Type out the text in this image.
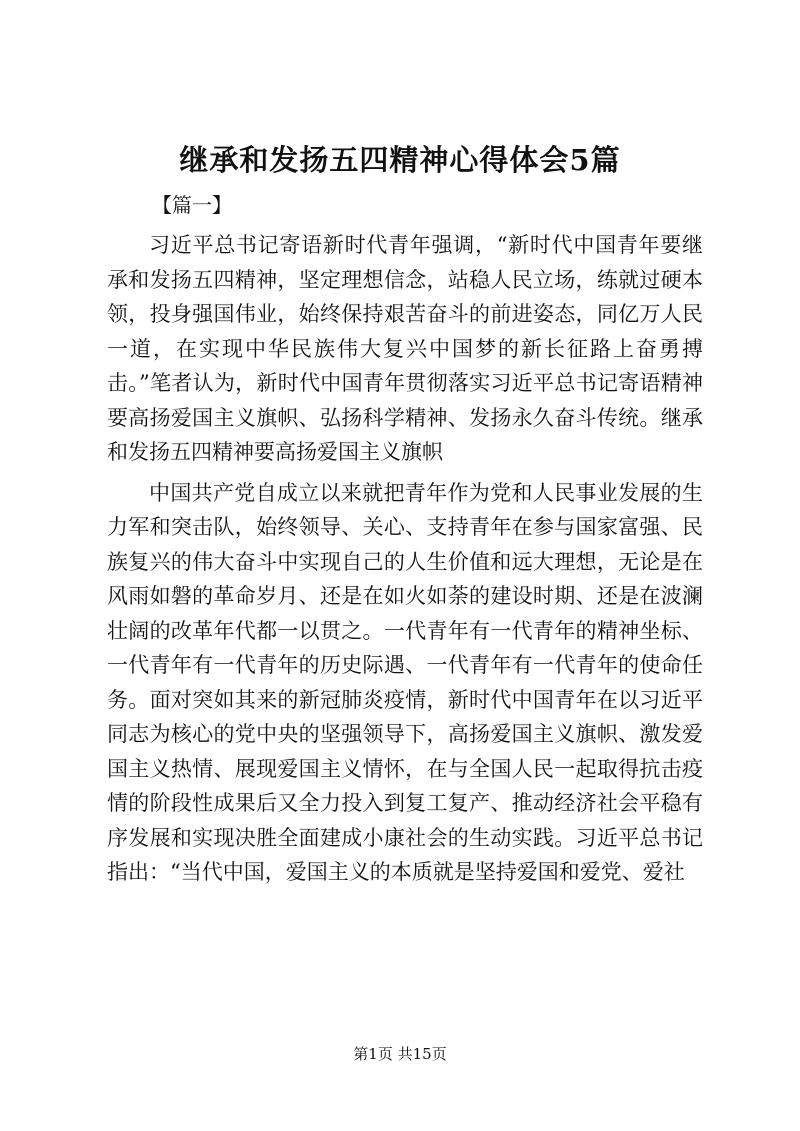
继承和发扬五四精神心得体会5篇
【篇一】

习近平总书记寄语新时代青年强调，“新时代中国青年要继承和发扬五四精神，坚定理想信念，站稳人民立场，练就过硬本领，投身强国伟业，始终保持艰苦奋斗的前进姿态，同亿万人民一道，在实现中华民族伟大复兴中国梦的新长征路上奋勇搏击。”笔者认为，新时代中国青年贯彻落实习近平总书记寄语精神要高扬爱国主义旗帜、弘扬科学精神、发扬永久奋斗传统。继承和发扬五四精神要高扬爱国主义旗帜

中国共产党自成立以来就把青年作为党和人民事业发展的生力军和突击队，始终领导、关心、支持青年在参与国家富强、民族复兴的伟大奋斗中实现自己的人生价值和远大理想，无论是在风雨如磐的革命岁月、还是在如火如荼的建设时期、还是在波澜壮阔的改革年代都一以贯之。一代青年有一代青年的精神坐标、一代青年有一代青年的历史际遇、一代青年有一代青年的使命任务。面对突如其来的新冠肺炎疫情，新时代中国青年在以习近平同志为核心的党中央的坚强领导下，高扬爱国主义旗帜、激发爱国主义热情、展现爱国主义情怀，在与全国人民一起取得抗击疫情的阶段性成果后又全力投入到复工复产、推动经济社会平稳有序发展和实现决胜全面建成小康社会的生动实践。习近平总书记指出：“当代中国，爱国主义的本质就是坚持爱国和爱党、爱社

第1页 共15页
